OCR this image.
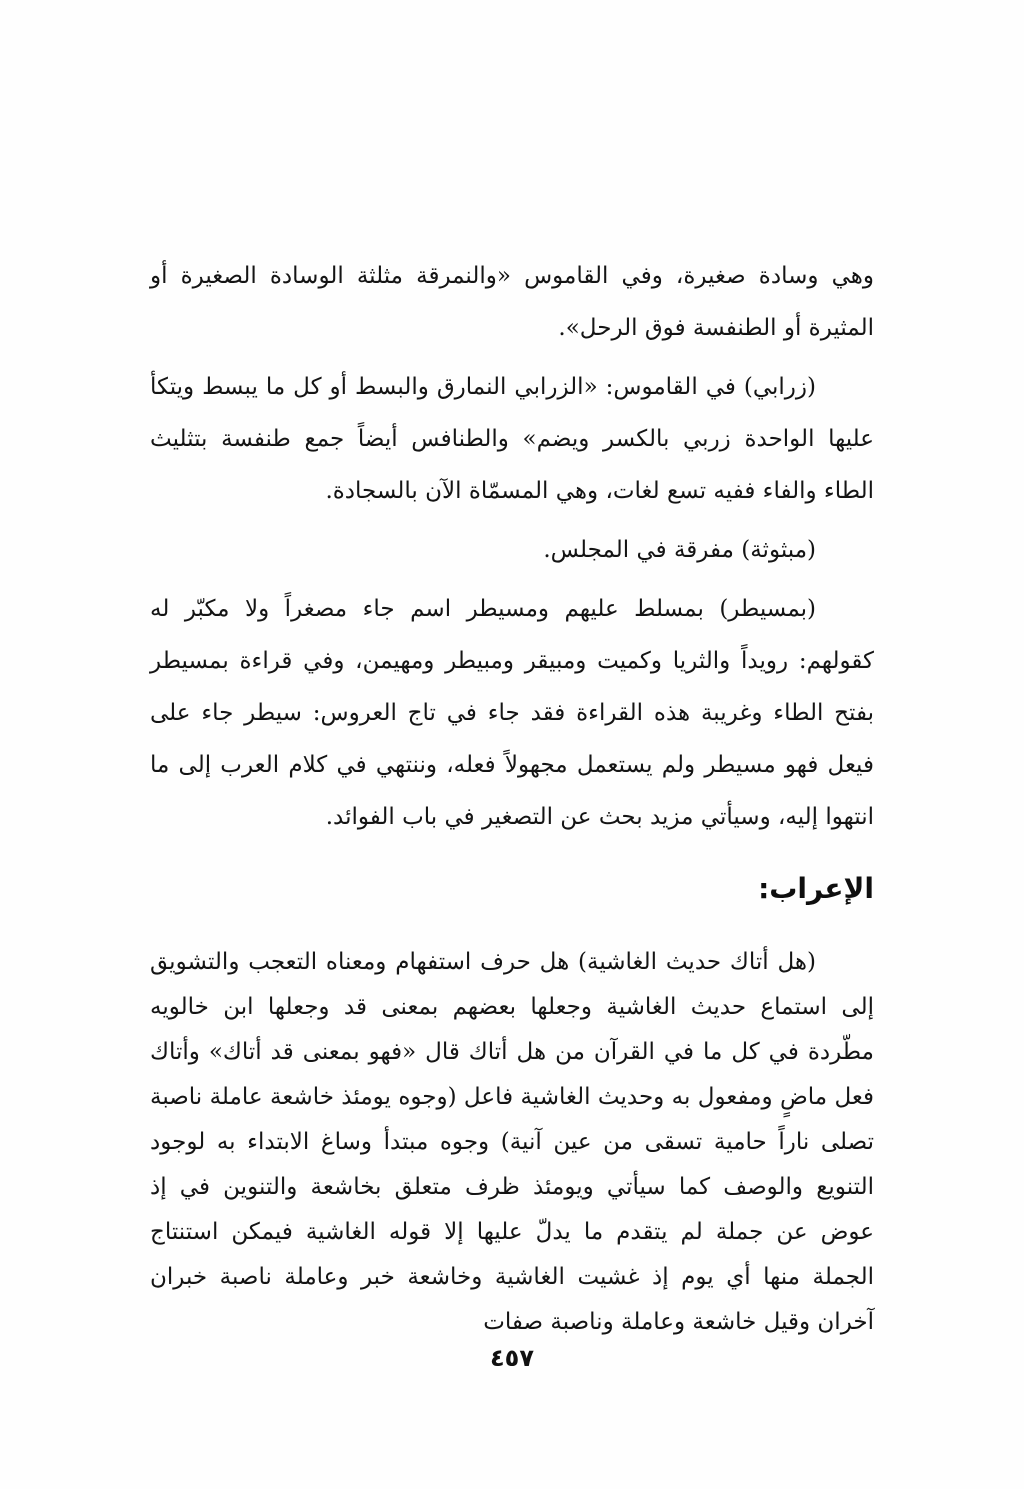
وهي وسادة صغيرة، وفي القاموس «والنمرقة مثلثة الوسادة الصغيرة أو المثيرة أو الطنفسة فوق الرحل».

(زرابي) في القاموس: «الزرابي النمارق والبسط أو كل ما يبسط ويتكأ عليها الواحدة زربي بالكسر ويضم» والطنافس أيضاً جمع طنفسة بتثليث الطاء والفاء ففيه تسع لغات، وهي المسمّاة الآن بالسجادة.

(مبثوثة) مفرقة في المجلس.

(بمسيطر) بمسلط عليهم ومسيطر اسم جاء مصغراً ولا مكبّر له كقولهم: رويداً والثريا وكميت ومبيقر ومبيطر ومهيمن، وفي قراءة بمسيطر بفتح الطاء وغريبة هذه القراءة فقد جاء في تاج العروس: سيطر جاء على فيعل فهو مسيطر ولم يستعمل مجهولاً فعله، وننتهي في كلام العرب إلى ما انتهوا إليه، وسيأتي مزيد بحث عن التصغير في باب الفوائد.

الإعراب:

(هل أتاك حديث الغاشية) هل حرف استفهام ومعناه التعجب والتشويق إلى استماع حديث الغاشية وجعلها بعضهم بمعنى قد وجعلها ابن خالويه مطّردة في كل ما في القرآن من هل أتاك قال «فهو بمعنى قد أتاك» وأتاك فعل ماضٍ ومفعول به وحديث الغاشية فاعل (وجوه يومئذ خاشعة عاملة ناصبة تصلى ناراً حامية تسقى من عين آنية) وجوه مبتدأ وساغ الابتداء به لوجود التنويع والوصف كما سيأتي ويومئذ ظرف متعلق بخاشعة والتنوين في إذ عوض عن جملة لم يتقدم ما يدلّ عليها إلا قوله الغاشية فيمكن استنتاج الجملة منها أي يوم إذ غشيت الغاشية وخاشعة خبر وعاملة ناصبة خبران آخران وقيل خاشعة وعاملة وناصبة صفات

٤٥٧
